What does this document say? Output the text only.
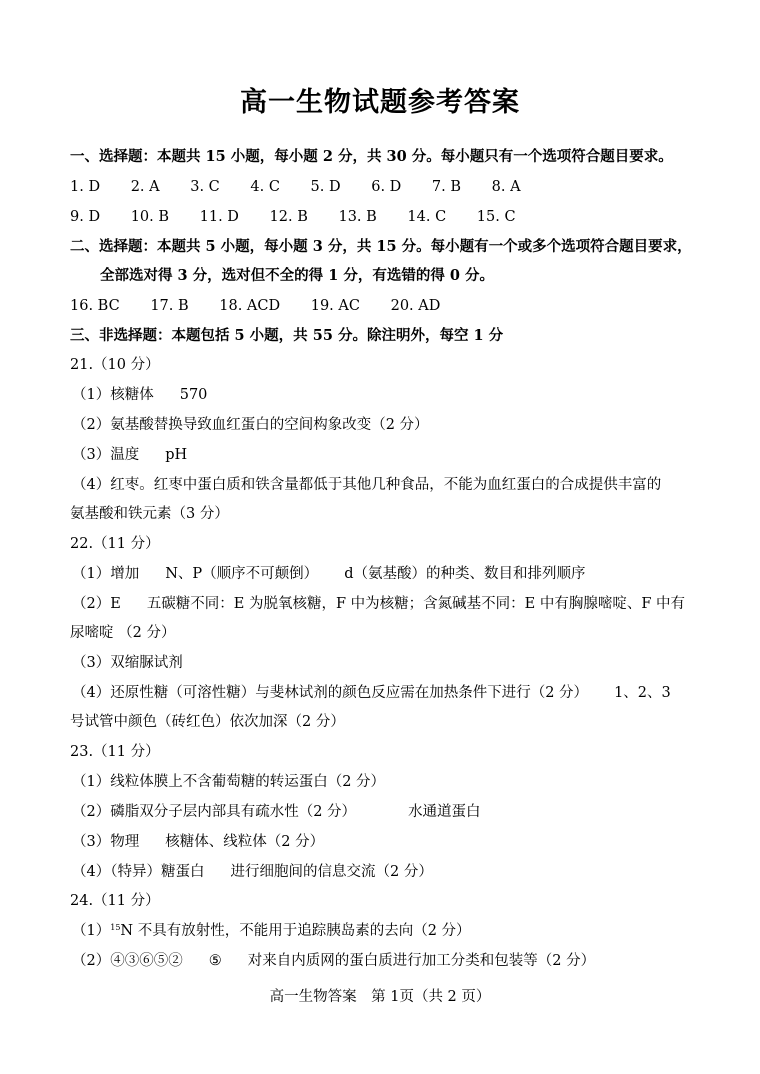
高一生物试题参考答案
一、选择题：本题共 15 小题，每小题 2 分，共 30 分。每小题只有一个选项符合题目要求。
1. D 2. A 3. C 4. C 5. D 6. D 7. B 8. A
9. D 10. B 11. D 12. B 13. B 14. C 15. C
二、选择题：本题共 5 小题，每小题 3 分，共 15 分。每小题有一个或多个选项符合题目要求，
全部选对得 3 分，选对但不全的得 1 分，有选错的得 0 分。
16. BC 17. B 18. ACD 19. AC 20. AD
三、非选择题：本题包括 5 小题，共 55 分。除注明外，每空 1 分
21.（10 分）
（1）核糖体 570
（2）氨基酸替换导致血红蛋白的空间构象改变（2 分）
（3）温度 pH
（4）红枣。红枣中蛋白质和铁含量都低于其他几种食品，不能为血红蛋白的合成提供丰富的
氨基酸和铁元素（3 分）
22.（11 分）
（1）增加 N、P（顺序不可颠倒） d（氨基酸）的种类、数目和排列顺序
（2）E 五碳糖不同：E 为脱氧核糖，F 中为核糖；含氮碱基不同：E 中有胸腺嘧啶、F 中有
尿嘧啶 （2 分）
（3）双缩脲试剂
（4）还原性糖（可溶性糖）与斐林试剂的颜色反应需在加热条件下进行（2 分） 1、2、3
号试管中颜色（砖红色）依次加深（2 分）
23.（11 分）
（1）线粒体膜上不含葡萄糖的转运蛋白（2 分）
（2）磷脂双分子层内部具有疏水性（2 分）	水通道蛋白
（3）物理 核糖体、线粒体（2 分）
（4）（特异）糖蛋白 进行细胞间的信息交流（2 分）
24.（11 分）
$(1)^{15}N$ 不具有放射性，不能用于追踪胰岛素的去向（2 分）
（2）④③⑥⑤② ⑤ 对来自内质网的蛋白质进行加工分类和包装等（2 分）
高一生物答案　第 1页（共 2 页）
